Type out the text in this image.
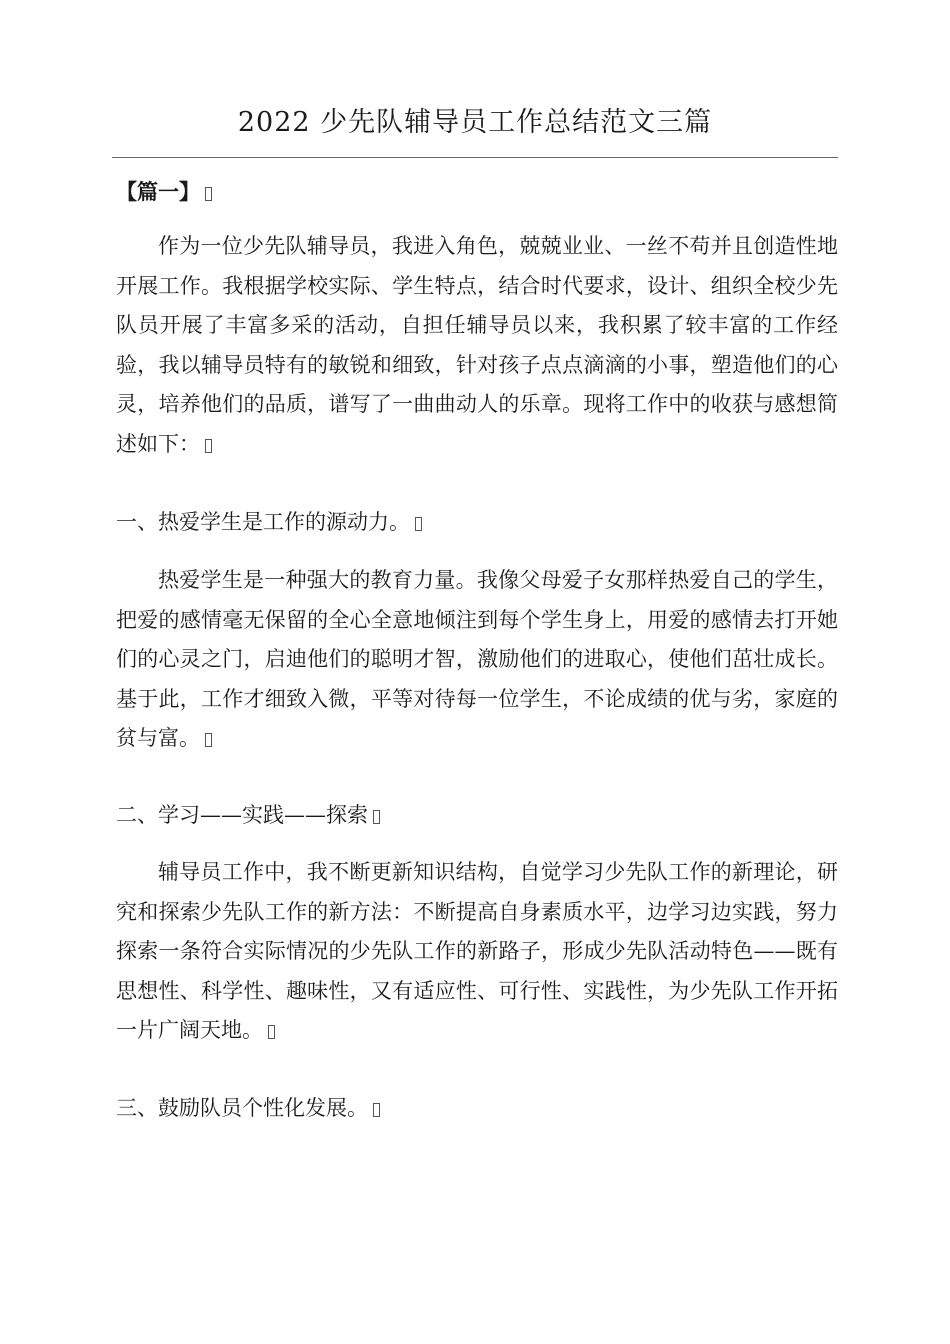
2022 少先队辅导员工作总结范文三篇

【篇一】

作为一位少先队辅导员，我进入角色，兢兢业业、一丝不苟并且创造性地开展工作。我根据学校实际、学生特点，结合时代要求，设计、组织全校少先队员开展了丰富多采的活动，自担任辅导员以来，我积累了较丰富的工作经验，我以辅导员特有的敏锐和细致，针对孩子点点滴滴的小事，塑造他们的心灵，培养他们的品质，谱写了一曲曲动人的乐章。现将工作中的收获与感想简述如下：

一、热爱学生是工作的源动力。

热爱学生是一种强大的教育力量。我像父母爱子女那样热爱自己的学生，把爱的感情毫无保留的全心全意地倾注到每个学生身上，用爱的感情去打开她们的心灵之门，启迪他们的聪明才智，激励他们的进取心，使他们茁壮成长。基于此，工作才细致入微，平等对待每一位学生，不论成绩的优与劣，家庭的贫与富。

二、学习——实践——探索

辅导员工作中，我不断更新知识结构，自觉学习少先队工作的新理论，研究和探索少先队工作的新方法：不断提高自身素质水平，边学习边实践，努力探索一条符合实际情况的少先队工作的新路子，形成少先队活动特色——既有思想性、科学性、趣味性，又有适应性、可行性、实践性，为少先队工作开拓一片广阔天地。

三、鼓励队员个性化发展。
